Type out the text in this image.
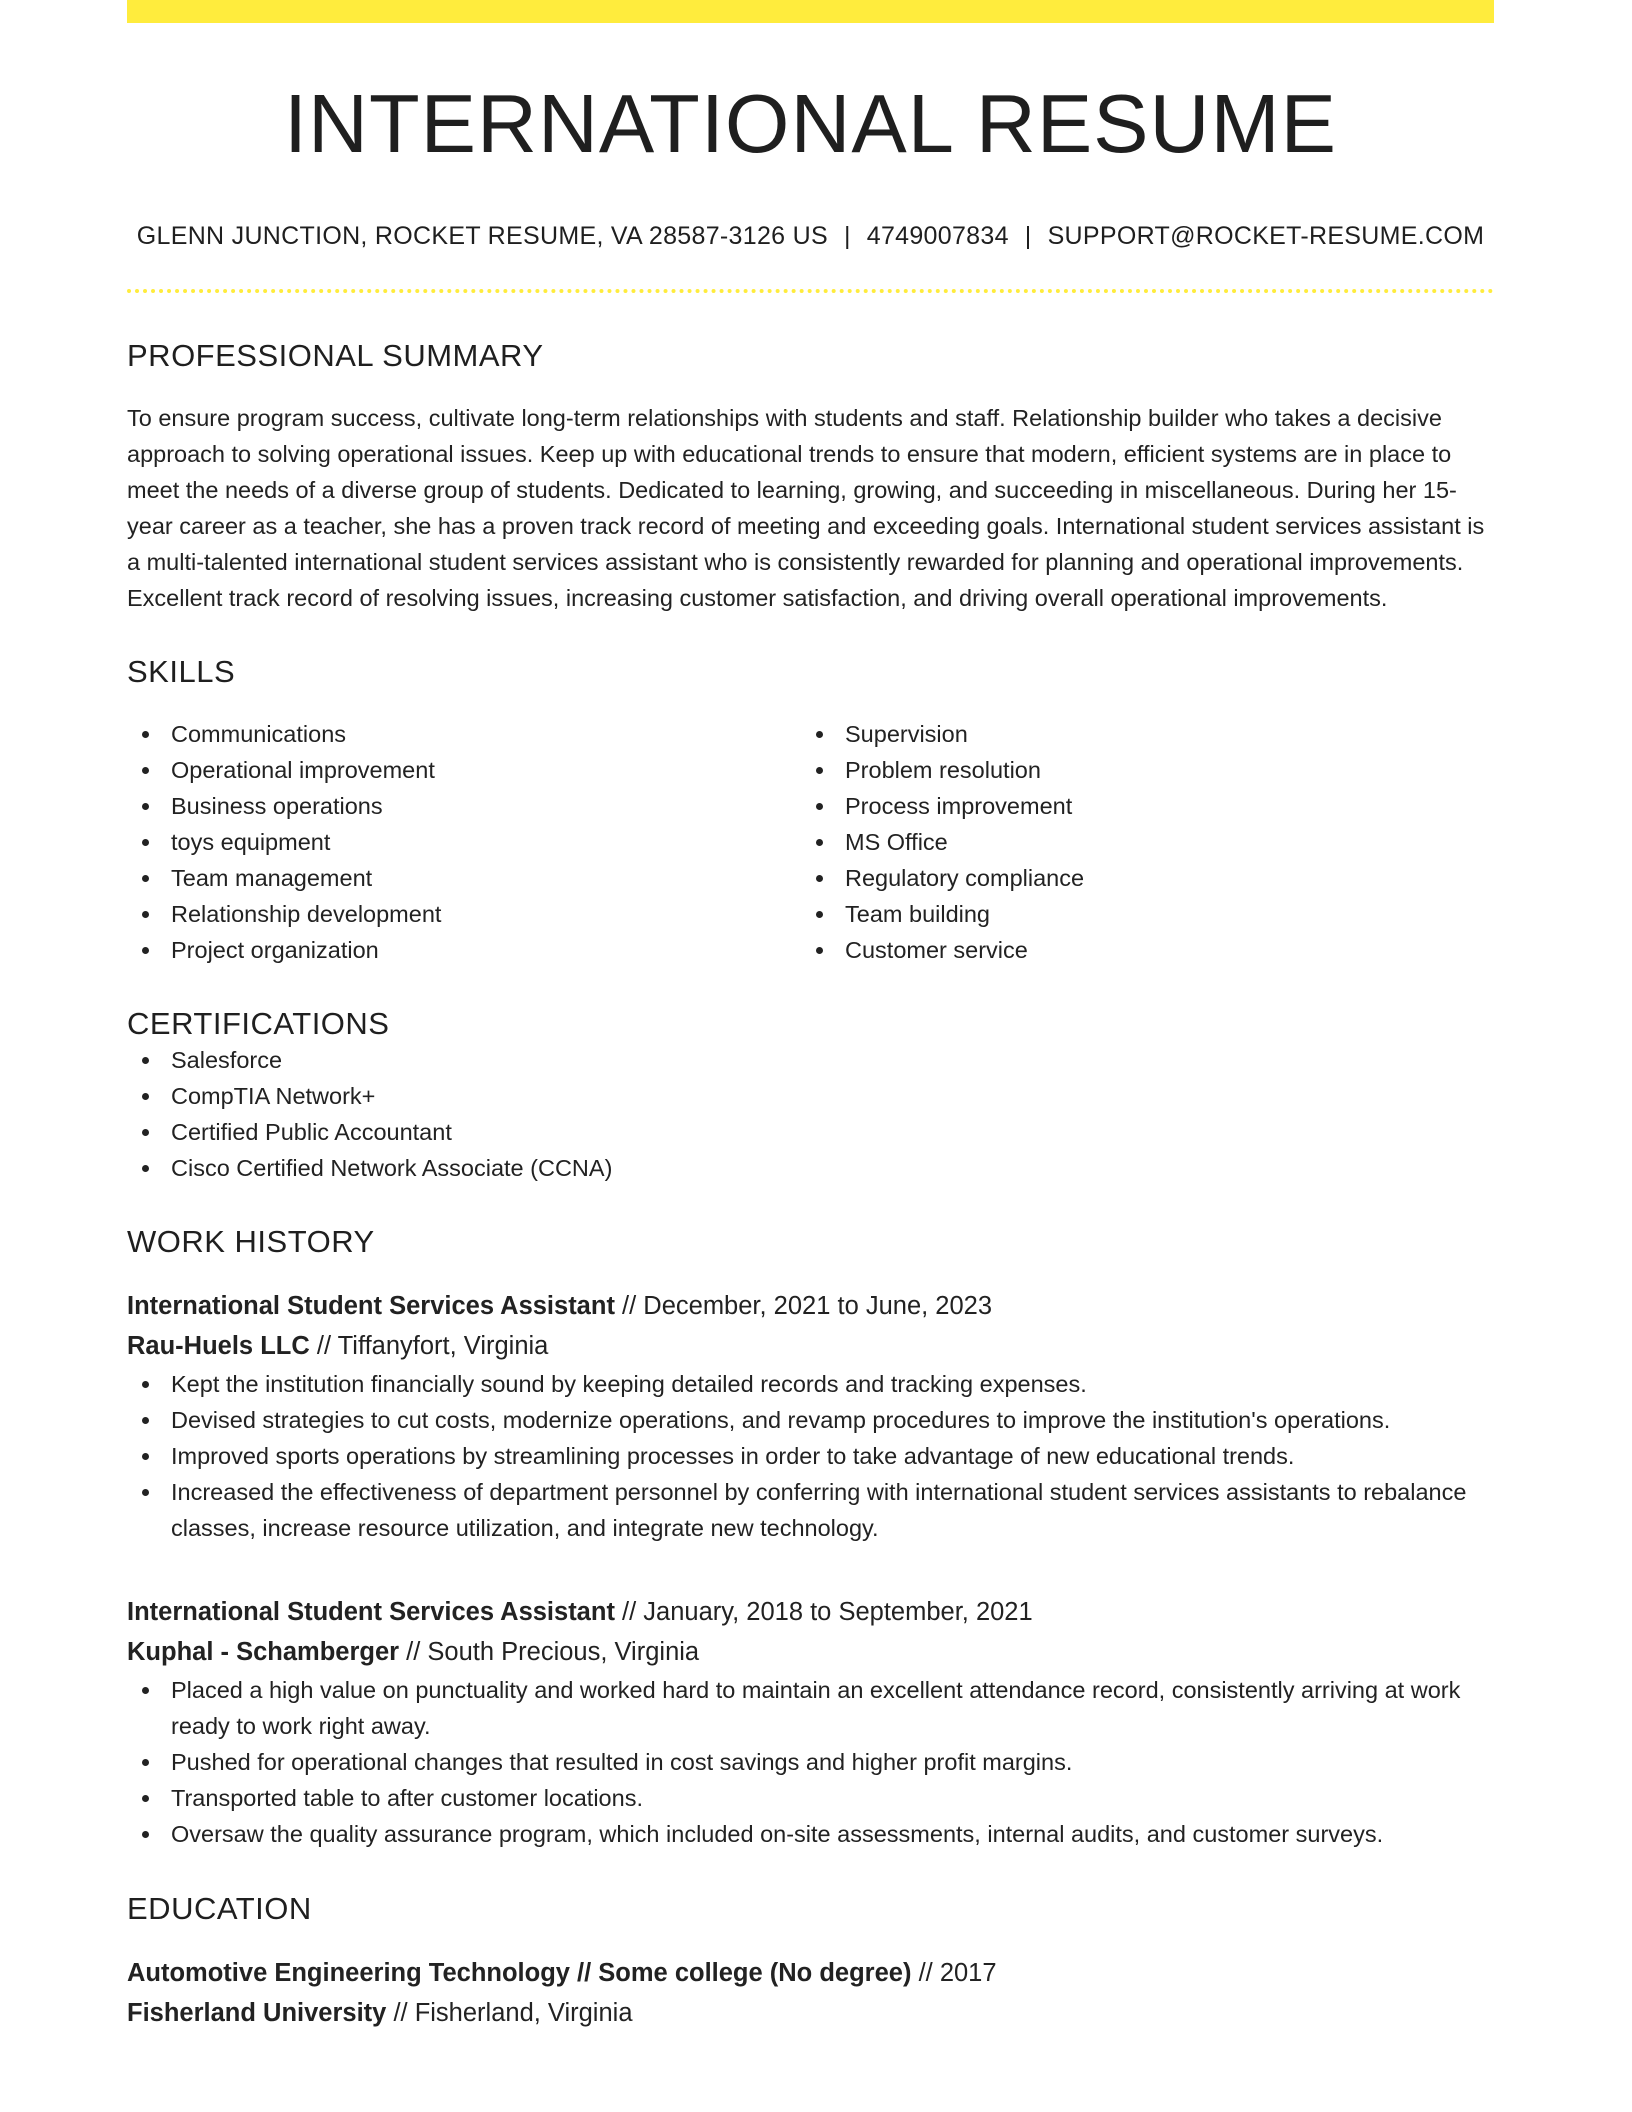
INTERNATIONAL RESUME
GLENN JUNCTION, ROCKET RESUME, VA 28587-3126 US | 4749007834 | SUPPORT@ROCKET-RESUME.COM
PROFESSIONAL SUMMARY
To ensure program success, cultivate long-term relationships with students and staff. Relationship builder who takes a decisive approach to solving operational issues. Keep up with educational trends to ensure that modern, efficient systems are in place to meet the needs of a diverse group of students. Dedicated to learning, growing, and succeeding in miscellaneous. During her 15-year career as a teacher, she has a proven track record of meeting and exceeding goals. International student services assistant is a multi-talented international student services assistant who is consistently rewarded for planning and operational improvements. Excellent track record of resolving issues, increasing customer satisfaction, and driving overall operational improvements.
SKILLS
Communications
Operational improvement
Business operations
toys equipment
Team management
Relationship development
Project organization
Supervision
Problem resolution
Process improvement
MS Office
Regulatory compliance
Team building
Customer service
CERTIFICATIONS
Salesforce
CompTIA Network+
Certified Public Accountant
Cisco Certified Network Associate (CCNA)
WORK HISTORY
International Student Services Assistant // December, 2021 to June, 2023
Rau-Huels LLC // Tiffanyfort, Virginia
Kept the institution financially sound by keeping detailed records and tracking expenses.
Devised strategies to cut costs, modernize operations, and revamp procedures to improve the institution's operations.
Improved sports operations by streamlining processes in order to take advantage of new educational trends.
Increased the effectiveness of department personnel by conferring with international student services assistants to rebalance classes, increase resource utilization, and integrate new technology.
International Student Services Assistant // January, 2018 to September, 2021
Kuphal - Schamberger // South Precious, Virginia
Placed a high value on punctuality and worked hard to maintain an excellent attendance record, consistently arriving at work ready to work right away.
Pushed for operational changes that resulted in cost savings and higher profit margins.
Transported table to after customer locations.
Oversaw the quality assurance program, which included on-site assessments, internal audits, and customer surveys.
EDUCATION
Automotive Engineering Technology // Some college (No degree) // 2017
Fisherland University // Fisherland, Virginia
